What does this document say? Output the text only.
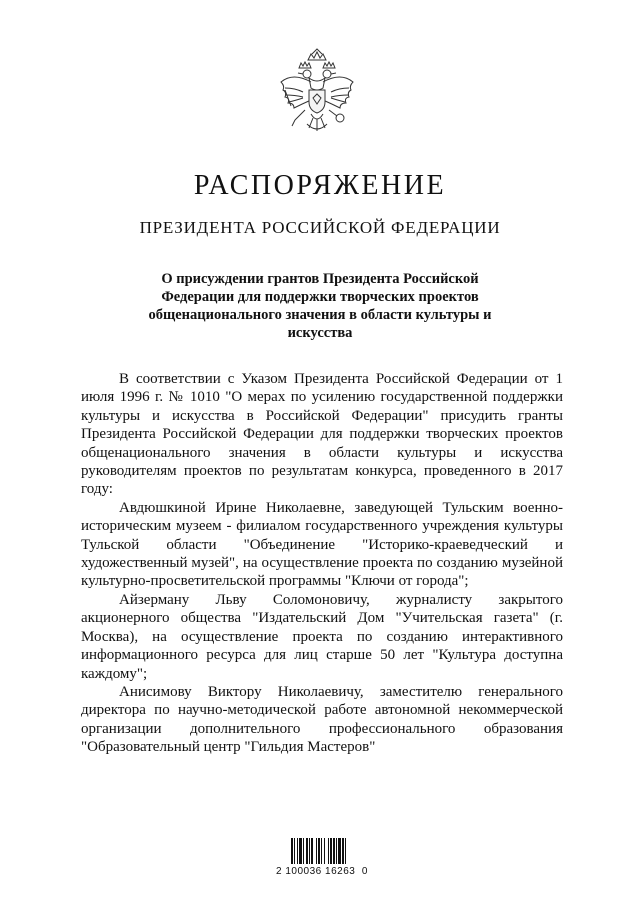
РАСПОРЯЖЕНИЕ
ПРЕЗИДЕНТА РОССИЙСКОЙ ФЕДЕРАЦИИ
О присуждении грантов Президента Российской Федерации для поддержки творческих проектов общенационального значения в области культуры и искусства

В соответствии с Указом Президента Российской Федерации от 1 июля 1996 г. № 1010 "О мерах по усилению государственной поддержки культуры и искусства в Российской Федерации" присудить гранты Президента Российской Федерации для поддержки творческих проектов общенационального значения в области культуры и искусства руководителям проектов по результатам конкурса, проведенного в 2017 году:

Авдюшкиной Ирине Николаевне, заведующей Тульским военно-историческим музеем - филиалом государственного учреждения культуры Тульской области "Объединение "Историко-краеведческий и художественный музей", на осуществление проекта по созданию музейной культурно-просветительской программы "Ключи от города";

Айзерману Льву Соломоновичу, журналисту закрытого акционерного общества "Издательский Дом "Учительская газета" (г. Москва), на осуществление проекта по созданию интерактивного информационного ресурса для лиц старше 50 лет "Культура доступна каждому";

Анисимову Виктору Николаевичу, заместителю генерального директора по научно-методической работе автономной некоммерческой организации дополнительного профессионального образования "Образовательный центр "Гильдия Мастеров"

2 100036 16263  0
